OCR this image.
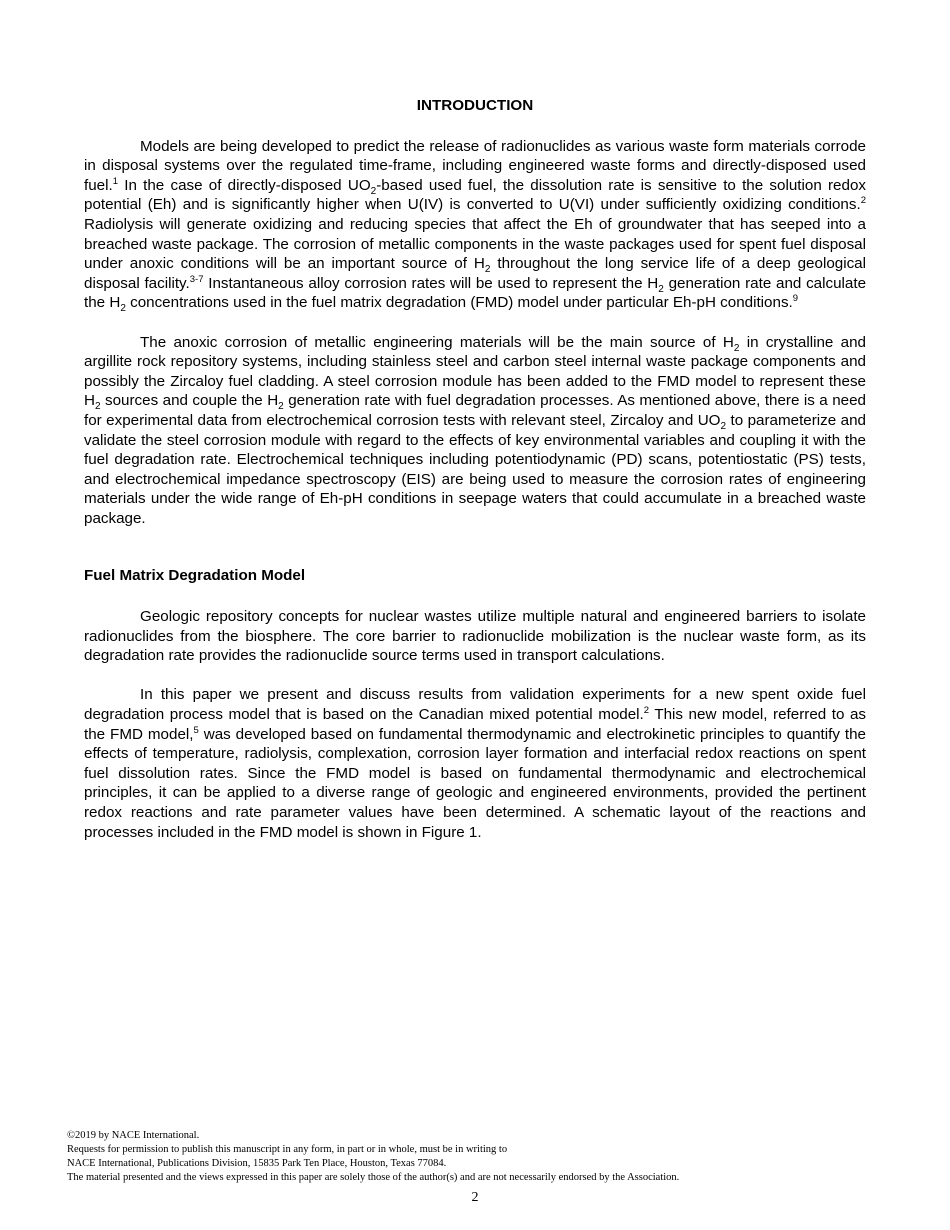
INTRODUCTION

Models are being developed to predict the release of radionuclides as various waste form materials corrode in disposal systems over the regulated time-frame, including engineered waste forms and directly-disposed used fuel.$^1$ In the case of directly-disposed $UO_2$-based used fuel, the dissolution rate is sensitive to the solution redox potential (Eh) and is significantly higher when U(IV) is converted to U(VI) under sufficiently oxidizing conditions.$^2$ Radiolysis will generate oxidizing and reducing species that affect the Eh of groundwater that has seeped into a breached waste package. The corrosion of metallic components in the waste packages used for spent fuel disposal under anoxic conditions will be an important source of $H_2$ throughout the long service life of a deep geological disposal facility.$^{3-7}$ Instantaneous alloy corrosion rates will be used to represent the $H_2$ generation rate and calculate the $H_2$ concentrations used in the fuel matrix degradation (FMD) model under particular Eh-pH conditions.$^9$

The anoxic corrosion of metallic engineering materials will be the main source of $H_2$ in crystalline and argillite rock repository systems, including stainless steel and carbon steel internal waste package components and possibly the Zircaloy fuel cladding. A steel corrosion module has been added to the FMD model to represent these $H_2$ sources and couple the $H_2$ generation rate with fuel degradation processes. As mentioned above, there is a need for experimental data from electrochemical corrosion tests with relevant steel, Zircaloy and $UO_2$ to parameterize and validate the steel corrosion module with regard to the effects of key environmental variables and coupling it with the fuel degradation rate. Electrochemical techniques including potentiodynamic (PD) scans, potentiostatic (PS) tests, and electrochemical impedance spectroscopy (EIS) are being used to measure the corrosion rates of engineering materials under the wide range of Eh-pH conditions in seepage waters that could accumulate in a breached waste package.

Fuel Matrix Degradation Model

Geologic repository concepts for nuclear wastes utilize multiple natural and engineered barriers to isolate radionuclides from the biosphere. The core barrier to radionuclide mobilization is the nuclear waste form, as its degradation rate provides the radionuclide source terms used in transport calculations.

In this paper we present and discuss results from validation experiments for a new spent oxide fuel degradation process model that is based on the Canadian mixed potential model.$^2$ This new model, referred to as the FMD model,$^5$ was developed based on fundamental thermodynamic and electrokinetic principles to quantify the effects of temperature, radiolysis, complexation, corrosion layer formation and interfacial redox reactions on spent fuel dissolution rates. Since the FMD model is based on fundamental thermodynamic and electrochemical principles, it can be applied to a diverse range of geologic and engineered environments, provided the pertinent redox reactions and rate parameter values have been determined. A schematic layout of the reactions and processes included in the FMD model is shown in Figure 1.

©2019 by NACE International.
Requests for permission to publish this manuscript in any form, in part or in whole, must be in writing to
NACE International, Publications Division, 15835 Park Ten Place, Houston, Texas 77084.
The material presented and the views expressed in this paper are solely those of the author(s) and are not necessarily endorsed by the Association.
2
